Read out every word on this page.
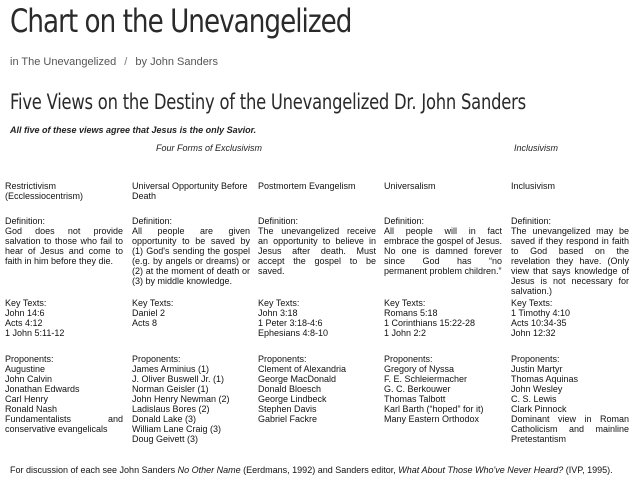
Chart on the Unevangelized
in The Unevangelized / by John Sanders
Five Views on the Destiny of the Unevangelized Dr. John Sanders
All five of these views agree that Jesus is the only Savior.
Four Forms of Exclusivism	Inclusivism
Restrictivism
(Ecclessiocentrism)
Definition:
God does not provide salvation to those who fail to hear of Jesus and come to faith in him before they die.
Key Texts:
John 14:6
Acts 4:12
1 John 5:11-12
Proponents:
Augustine
John Calvin
Jonathan Edwards
Carl Henry
Ronald Nash
Fundamentalists and conservative evangelicals
Universal Opportunity Before Death
Definition:
All people are given opportunity to be saved by (1) God's sending the gospel (e.g. by angels or dreams) or (2) at the moment of death or (3) by middle knowledge.
Key Texts:
Daniel 2
Acts 8
Proponents:
James Arminius (1)
J. Oliver Buswell Jr. (1)
Norman Geisler (1)
John Henry Newman (2)
Ladislaus Bores (2)
Donald Lake (3)
William Lane Craig (3)
Doug Geivett (3)
Postmortem Evangelism
Definition:
The unevangelized receive an opportunity to believe in Jesus after death. Must accept the gospel to be saved.
Key Texts:
John 3:18
1 Peter 3:18-4:6
Ephesians 4:8-10
Proponents:
Clement of Alexandria
George MacDonald
Donald Bloesch
George Lindbeck
Stephen Davis
Gabriel Fackre
Universalism
Definition:
All people will in fact embrace the gospel of Jesus. No one is damned forever since God has “no permanent problem children.”
Key Texts:
Romans 5:18
1 Corinthians 15:22-28
1 John 2:2
Proponents:
Gregory of Nyssa
F. E. Schleiermacher
G. C. Berkouwer
Thomas Talbott
Karl Barth (“hoped” for it)
Many Eastern Orthodox
Inclusivism
Definition:
The unevangelized may be saved if they respond in faith to God based on the revelation they have. (Only view that says knowledge of Jesus is not necessary for salvation.)
Key Texts:
1 Timothy 4:10
Acts 10:34-35
John 12:32
Proponents:
Justin Martyr
Thomas Aquinas
John Wesley
C. S. Lewis
Clark Pinnock
Dominant view in Roman Catholicism and mainline Pretestantism
For discussion of each see John Sanders No Other Name (Eerdmans, 1992) and Sanders editor, What About Those Who've Never Heard? (IVP, 1995).
